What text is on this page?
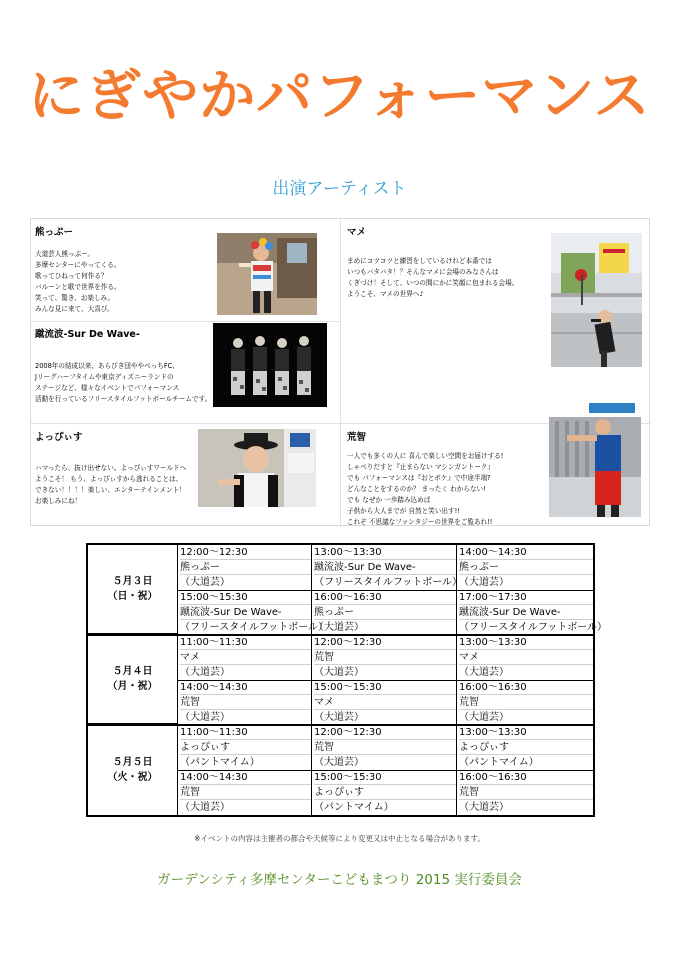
にぎやかパフォーマンス
出演アーティスト
熊っぷー
大道芸人熊っぷー。
多摩センターにやってくる。
歌ってひねって何作る？
バルーンと歌で世界を作る。
笑って、驚き、お楽しみ。
みんな見に来て、大喜び。
蹴流波-Sur De Wave-
2008年の結成以来、あらびき団ややべっちFC、
Jリーグハーフタイムや東京ディズニーランドの
ステージなど、様々なイベントでパフォーマンス
活動を行っているフリースタイルフットボールチームです。
よっぴぃす
ハマったら、抜け出せない。よっぴぃすワールドへ
ようこそ！ もう、よっぴぃすから逃れることは、
できない！！！！楽しい、エンターテインメント！
お楽しみにね！
マメ
まめにコツコツと練習をしているけれど本番では
いつもバタバタ！？そんなマメに会場のみなさんは
くぎづけ！そして、いつの間にかに笑顔に包まれる会場。
ようこそ、マメの世界へ♪
荒智
一人でも多くの人に 喜んで楽しい空間をお届けする!
しゃべりだすと『止まらない マシンガントーク』
でも パフォーマンスは『おとボケ』で中途半端?
どんなことをするのか？ まったく わからない!
でも なぜか 一歩踏み込めば
子供から大人までが 自然と笑い出す!!
これぞ 不思議なファンタジーの世界をご覧あれ!!
５月３日
（日・祝）
12:00〜12:30
熊っぷー
（大道芸）
13:00〜13:30
蹴流波-Sur De Wave-
（フリースタイルフットボール）
14:00〜14:30
熊っぷー
（大道芸）
15:00〜15:30
蹴流波-Sur De Wave-
（フリースタイルフットボール）
16:00〜16:30
熊っぷー
（大道芸）
17:00〜17:30
蹴流波-Sur De Wave-
（フリースタイルフットボール）
５月４日
（月・祝）
11:00〜11:30
マメ
（大道芸）
12:00〜12:30
荒智
（大道芸）
13:00〜13:30
マメ
（大道芸）
14:00〜14:30
荒智
（大道芸）
15:00〜15:30
マメ
（大道芸）
16:00〜16:30
荒智
（大道芸）
５月５日
（火・祝）
11:00〜11:30
よっぴぃす
（パントマイム）
12:00〜12:30
荒智
（大道芸）
13:00〜13:30
よっぴぃす
（パントマイム）
14:00〜14:30
荒智
（大道芸）
15:00〜15:30
よっぴぃす
（パントマイム）
16:00〜16:30
荒智
（大道芸）
※イベントの内容は主催者の都合や天候等により変更又は中止となる場合があります。
ガーデンシティ多摩センターこどもまつり 2015 実行委員会
